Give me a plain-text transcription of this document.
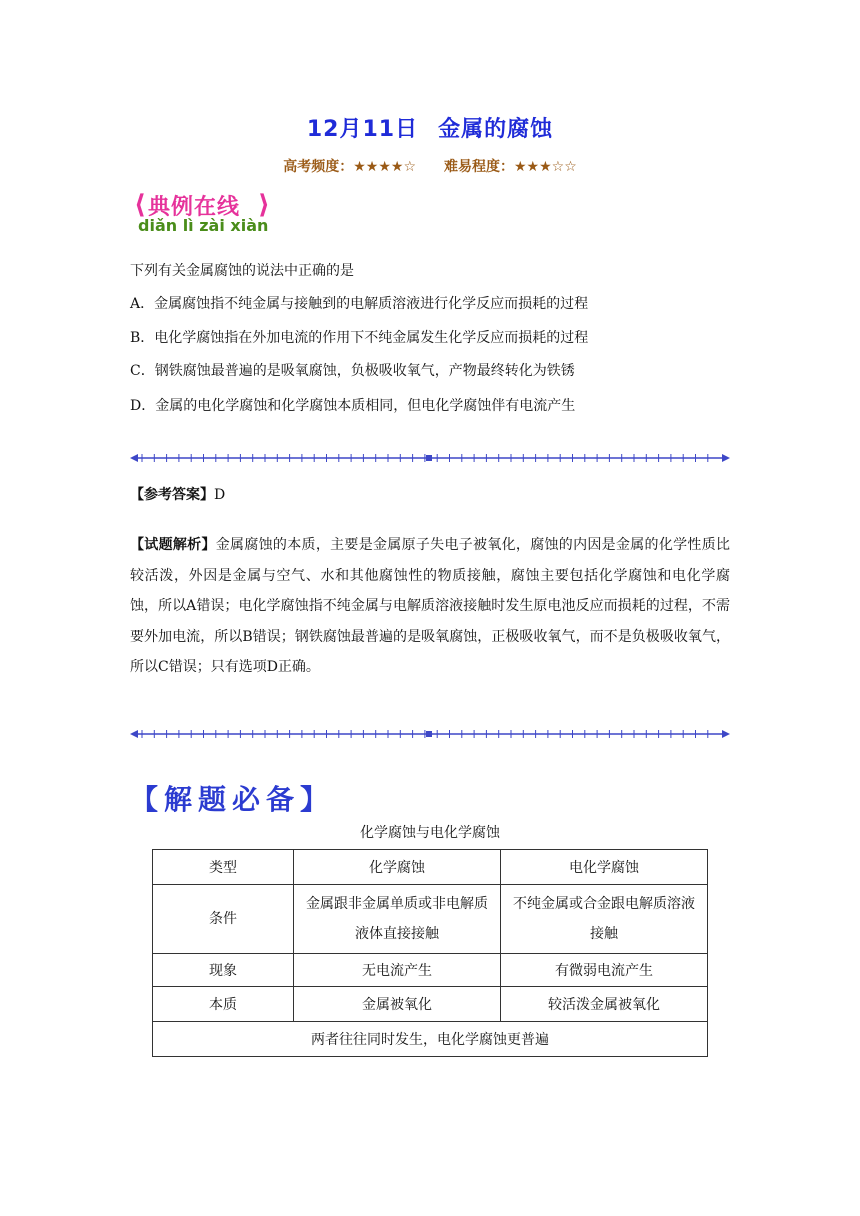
12月11日 金属的腐蚀
高考频度：★★★★☆ 难易程度：★★★☆☆
⟨ 典例在线 ⟩
diǎn lì zài xiàn
下列有关金属腐蚀的说法中正确的是
A．金属腐蚀指不纯金属与接触到的电解质溶液进行化学反应而损耗的过程
B．电化学腐蚀指在外加电流的作用下不纯金属发生化学反应而损耗的过程
C．钢铁腐蚀最普遍的是吸氧腐蚀，负极吸收氧气，产物最终转化为铁锈
D．金属的电化学腐蚀和化学腐蚀本质相同，但电化学腐蚀伴有电流产生
【参考答案】D
【试题解析】金属腐蚀的本质，主要是金属原子失电子被氧化，腐蚀的内因是金属的化学性质比较活泼，外因是金属与空气、水和其他腐蚀性的物质接触，腐蚀主要包括化学腐蚀和电化学腐蚀，所以A错误；电化学腐蚀指不纯金属与电解质溶液接触时发生原电池反应而损耗的过程，不需要外加电流，所以B错误；钢铁腐蚀最普遍的是吸氧腐蚀，正极吸收氧气，而不是负极吸收氧气，所以C错误；只有选项D正确。
【解题必备】
化学腐蚀与电化学腐蚀
类型	化学腐蚀	电化学腐蚀
条件	金属跟非金属单质或非电解质液体直接接触	不纯金属或合金跟电解质溶液接触
现象	无电流产生	有微弱电流产生
本质	金属被氧化	较活泼金属被氧化
两者往往同时发生，电化学腐蚀更普遍		
